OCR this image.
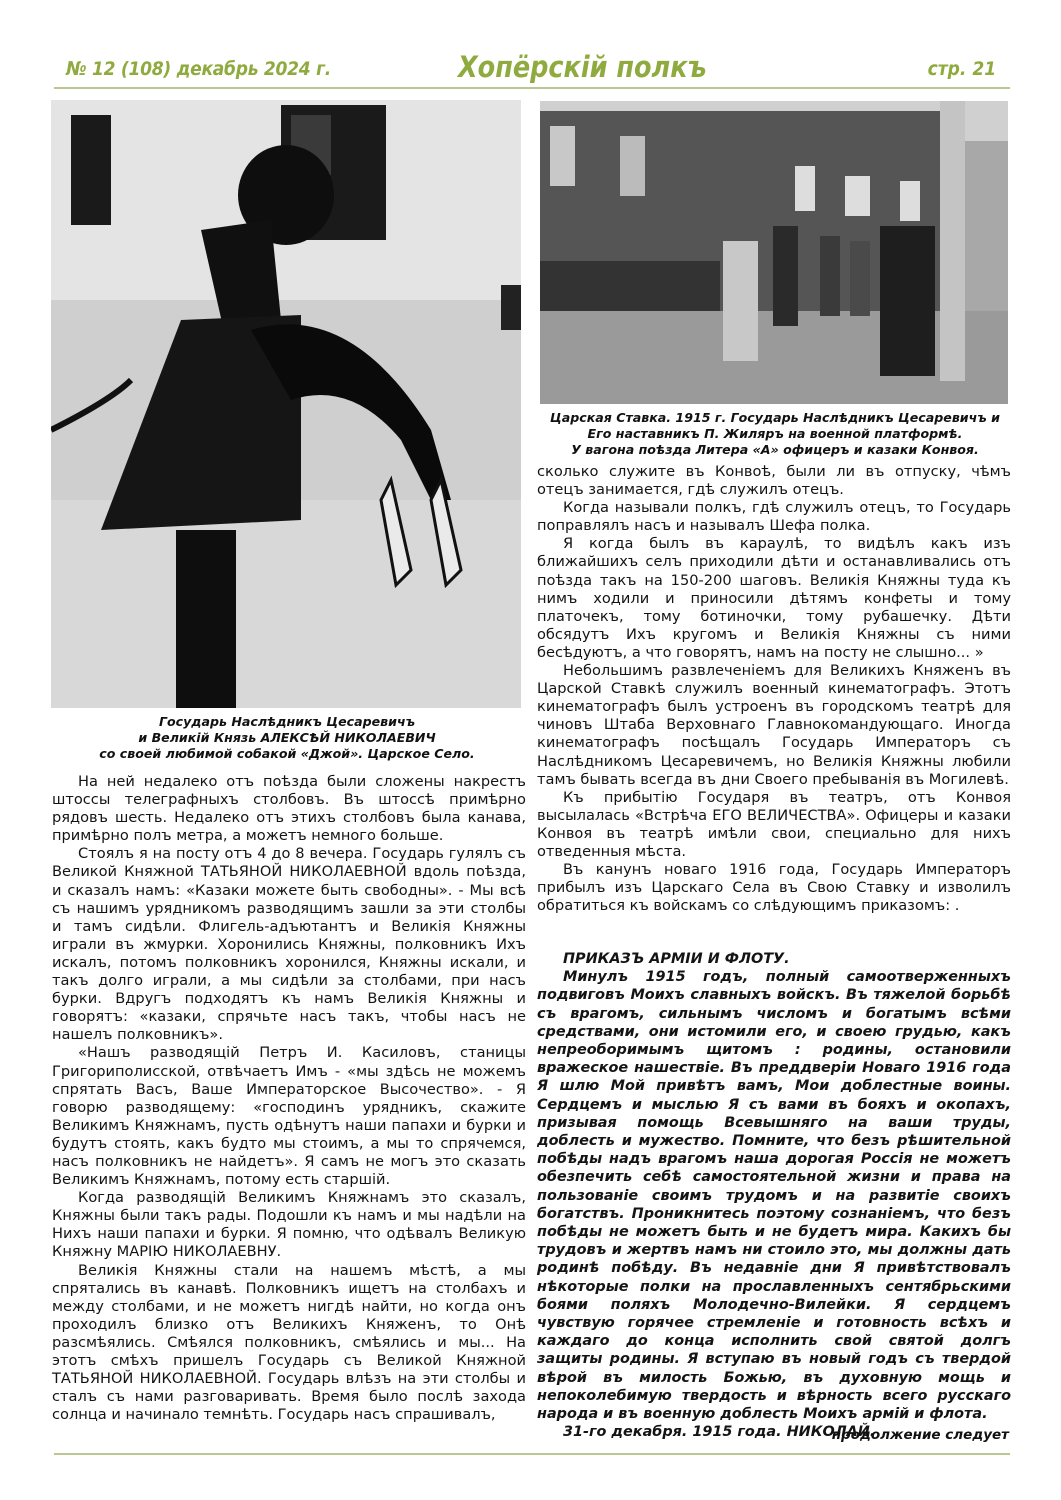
№ 12 (108) декабрь 2024 г.	Хопёрскій полкъ	стр. 21
Государь Наслѣдникъ Цесаревичъ
и Великій Князь АЛЕКСѢЙ НИКОЛАЕВИЧ
со своей любимой собакой «Джой». Царское Село.
Царская Ставка. 1915 г. Государь Наслѣдникъ Цесаревичъ и
Его наставникъ П. Жиляръ на военной платформѣ.
У вагона поѣзда Литера «А» офицеръ и казаки Конвоя.

На ней недалеко отъ поѣзда были сложены накрестъ штоссы телеграфныхъ столбовъ. Въ штоссѣ примѣрно рядовъ шесть. Недалеко отъ этихъ столбовъ была канава, примѣрно полъ метра, а можетъ немного больше.

Стоялъ я на посту отъ 4 до 8 вечера. Государь гулялъ съ Великой Княжной ТАТЬЯНОЙ НИКОЛАЕВНОЙ вдоль поѣзда, и сказалъ намъ: «Казаки можете быть свободны». - Мы всѣ съ нашимъ урядникомъ разводящимъ зашли за эти столбы и тамъ сидѣли. Флигель-адъютантъ и Великія Княжны играли въ жмурки. Хоронились Княжны, полковникъ Ихъ искалъ, потомъ полковникъ хоронился, Княжны искали, и такъ долго играли, а мы сидѣли за столбами, при насъ бурки. Вдругъ подходятъ къ намъ Великія Княжны и говорятъ: «казаки, спрячьте насъ такъ, чтобы насъ не нашелъ полковникъ».

«Нашъ разводящій Петръ И. Касиловъ, станицы Григориполисской, отвѣчаетъ Имъ - «мы здѣсь не можемъ спрятать Васъ, Ваше Императорское Высочество». - Я говорю разводящему: «господинъ урядникъ, скажите Великимъ Княжнамъ, пусть одѣнутъ наши папахи и бурки и будутъ стоять, какъ будто мы стоимъ, а мы то спрячемся, насъ полковникъ не найдетъ». Я самъ не могъ это сказать Великимъ Княжнамъ, потому есть старшій.

Когда разводящій Великимъ Княжнамъ это сказалъ, Княжны были такъ рады. Подошли къ намъ и мы надѣли на Нихъ наши папахи и бурки. Я помню, что одѣвалъ Великую Княжну МАРІЮ НИКОЛАЕВНУ.

Великія Княжны стали на нашемъ мѣстѣ, а мы спрятались въ канавѣ. Полковникъ ищетъ на столбахъ и между столбами, и не можетъ нигдѣ найти, но когда онъ проходилъ близко отъ Великихъ Княженъ, то Онѣ разсмѣялись. Смѣялся полковникъ, смѣялись и мы... На этотъ смѣхъ пришелъ Государь съ Великой Княжной ТАТЬЯНОЙ НИКОЛАЕВНОЙ. Государь влѣзъ на эти столбы и сталъ съ нами разговаривать. Время было послѣ захода солнца и начинало темнѣть. Государь насъ спрашивалъ,

сколько служите въ Конвоѣ, были ли въ отпуску, чѣмъ отецъ занимается, гдѣ служилъ отецъ.

Когда называли полкъ, гдѣ служилъ отецъ, то Государь поправлялъ насъ и называлъ Шефа полка.

Я когда былъ въ караулѣ, то видѣлъ какъ изъ ближайшихъ селъ приходили дѣти и останавливались отъ поѣзда такъ на 150-200 шаговъ. Великія Княжны туда къ нимъ ходили и приносили дѣтямъ конфеты и тому платочекъ, тому ботиночки, тому рубашечку. Дѣти обсядутъ Ихъ кругомъ и Великія Княжны съ ними бесѣдуютъ, а что говорятъ, намъ на посту не слышно... »

Небольшимъ развлеченіемъ для Великихъ Княженъ въ Царской Ставкѣ служилъ военный кинематографъ. Этотъ кинематографъ былъ устроенъ въ городскомъ театрѣ для чиновъ Штаба Верховнаго Главнокомандующаго. Иногда кинематографъ посѣщалъ Государь Императоръ съ Наслѣдникомъ Цесаревичемъ, но Великія Княжны любили тамъ бывать всегда въ дни Своего пребыванія въ Могилевѣ.

Къ прибытію Государя въ театръ, отъ Конвоя высылалась «Встрѣча ЕГО ВЕЛИЧЕСТВА». Офицеры и казаки Конвоя въ театрѣ имѣли свои, специально для нихъ отведенныя мѣста.

Въ канунъ новаго 1916 года, Государь Императоръ прибылъ изъ Царскаго Села въ Свою Ставку и изволилъ обратиться къ войскамъ со слѣдующимъ приказомъ: .

ПРИКАЗЪ АРМІИ И ФЛОТУ.

Минулъ 1915 годъ, полный самоотверженныхъ подвиговъ Моихъ славныхъ войскъ. Въ тяжелой борьбѣ съ врагомъ, сильнымъ числомъ и богатымъ всѣми средствами, они истомили его, и своею грудью, какъ непреоборимымъ щитомъ : родины, остановили вражеское нашествіе. Въ преддверіи Новаго 1916 года Я шлю Мой привѣтъ вамъ, Мои доблестные воины. Сердцемъ и мыслью Я съ вами въ бояхъ и окопахъ, призывая помощь Всевышняго на ваши труды, доблесть и мужество. Помните, что безъ рѣшительной побѣды надъ врагомъ наша дорогая Россія не можетъ обезпечить себѣ самостоятельной жизни и права на пользованіе своимъ трудомъ и на развитіе своихъ богатствъ. Проникнитесь поэтому сознаніемъ, что безъ побѣды не можетъ быть и не будетъ мира. Какихъ бы трудовъ и жертвъ намъ ни стоило это, мы должны дать родинѣ побѣду. Въ недавніе дни Я привѣтствовалъ нѣкоторые полки на прославленныхъ сентябрьскими боями поляхъ Молодечно-Вилейки. Я сердцемъ чувствую горячее стремленіе и готовность всѣхъ и каждаго до конца исполнить свой святой долгъ защиты родины. Я вступаю въ новый годъ съ твердой вѣрой въ милость Божью, въ духовную мощь и непоколебимую твердость и вѣрность всего русскаго народа и въ военную доблесть Моихъ армій и флота.

31-го декабря. 1915 года. НИКОЛАЙ.

продолжение следует
